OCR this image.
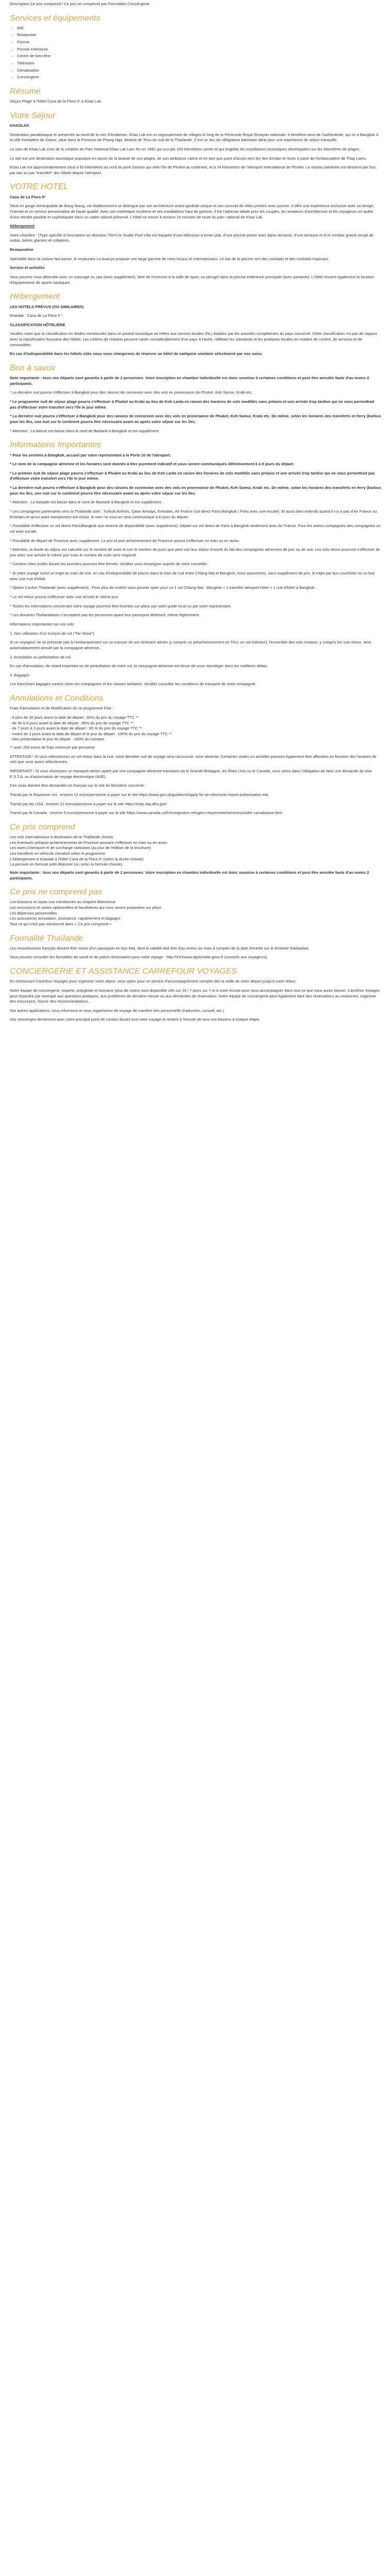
Description Ce prix comprend / Ce prix ne comprend pas Formalités Conciergerie
Services et équipements
✓ Wifi
✓ Restaurant
✓ Piscine
✓ Piscine extérieure
✓ Centre de bien-être
✓ Télévision
✓ Climatisation
✓ Conciergerie
Résumé

Séjour Plage à l'hôtel Casa de la Flora 5* à Khao Lak

Votre Séjour

KHAOLAK

Destination paradisiaque et préservée au bord de la mer d'Andaman, Khao Lak est un regroupement de villages le long de la Péninsule Royal-Sirsayan nationale. Il bénéficie ainsi de l'authenticité, qui ce à Bangkok à la ville frontalière de Satoul, situé dans la Province de Phang Nga, destiné de Tenu du sud de la Thaïlande. C'est un lieu de villégiature balnéaire idéal pour une expérience de séjour tranquille.

Le nom de Khao Lak s'est de la création du Parc National Khao Lak-Lam Ru en 1991 qui occupe 150 kilomètres carrés et qui englobe les installations touristiques développées sur les kilomètres de plages.

Le site est une destination touristique populaire en raison de la beauté de ses plages, de son ambiance calme et en tant que point d'accès vers les îles Similan et Surin à partir de l'embarcadère de Thap Lamu.

Khao Lak est approximativement situé à 60 kilomètres au nord du pont Sarasin qui relie l'île de Phuket au continent, et à 74 kilomètres de l'Aéroport International de Phuket. Le réseau balnéaire est desservi par bus, par taxi ou par "transfert" des hôtels depuis l'aéroport.

VOTRE HOTEL

Casa de La Flora 5*

Situé en gorge remarquable de Bang Niang, cet établissement se distingue par son architecture avant-gardiste unique et son concept de villas privées avec piscine. Il offre une expérience exclusive avec sa design, l'intimité et un service personnalisé de haute qualité. Avec son esthétique moderne et ses installations haut de gamme, il est l'adresse idéale pour les couples, les amateurs d'architecture et les voyageurs en quête d'une retraite paisible et sophistiquée dans un cadre naturel préservé. L'hôtel se trouve à environ 15 minutes de route du parc national de Khao Lak.

Hébergement

Votre chambre : (Type spécifié à l'inscription en direction 70m²) le Studio Pool Villa est équipée d'une télévision à écran plat, d'une piscine privée avec bains terrasse, d'une terrasse et d'un minibar gratuit rempli de sodas, bières glacées et collations.

Restauration

Spécialité dans la cuisine fais basse, le restaurant La Avanya propose une large gamme de mets locaux et internationaux. Le bar de la piscine sert des cocktails et des cocktails tropicaux.

Service et activités

Vous pourrez vous détendre avec un massage ou spa (avec supplément), faire de l'exercice à la salle de sport, ou plonger dans la piscine extérieure principale (avec parasols). L'hôtel ressent également la location d'équipements de sports nautiques.

Hébergement

LES HOTELS PRÉVUS (OU SIMILAIRES)

Khaolak : Casa de La Flora 5 *

CLASSIFICATION HÔTELIÈRE

Veuillez noter que la classification en étoiles mentionnée dans ce produit touristique se réfère aux normes locales (NL) établies par les autorités compétentes du pays concerné. Cette classification n'a pas de rapport avec la classification française des hôtels. Les critères de notation peuvent varier considérablement d'un pays à l'autre, reflétant les standards et les pratiques locales en matière de confort, de services et de commodités.

En cas d'indisponibilité dans les hôtels cités nous nous chargerons de réserver un hôtel de catégorie similaire sélectionné par nos soins.

Bon à savoir

Note importante : tous nos départs sont garantis à partir de 2 personnes. Votre inscription en chambre individuelle est donc soumise à certaines conditions et peut être annulée faute d'au moins 2 participants.

* La dernière nuit pourra s'effectuer à Bangkok pour des raisons de connexion avec des vols en provenance de Phuket, Koh Samui, Krabi etc.

* Le programme nuit de séjour plage pourra s'effectuer à Phuket ou Krabi au lieu de Koh Lanta en raison des horaires de vols modifiés sans préavis et une arrivée trop tardive qui ne vous permettrait pas d'effectuer votre transfert vers l'île le jour même.

* La dernière nuit pourra s'effectuer à Bangkok pour des raisons de connexion avec des vols en provenance de Phuket, Koh Samui, Krabi etc. De même, selon les horaires des transferts en ferry (barbus pour les îles, une nuit sur le continent pourra être nécessaire avant ou après votre séjour sur les îles.

* Attention : La baisse est basse dans le nord de Bastank à Bangkok et est supplément

Informations Importantes

* Pour les arrivées à Bangkok, accueil par votre représentant à la Porte 10 de l'aéroport.

* Le nom de la compagnie aérienne et les horaires sont donnés à titre purement indicatif et vous seront communiqués définitivement 6 à 8 jours du départ.

* Le premier nuit de séjour plage pourra s'effectuer à Phuket ou Krabi au lieu de Koh Lanta en raison des horaires de vols modifiés sans préavis et une arrivée trop tardive qui ne vous permettrait pas d'effectuer votre transfert vers l'île le jour même.

* La dernière nuit pourra s'effectuer à Bangkok pour des raisons de connexion avec des vols en provenance de Phuket, Koh Samui, Krabi etc. De même, selon les horaires des transferts en ferry (barbus pour les îles, une nuit sur le continent pourra être nécessaire avant ou après votre séjour sur les îles.

* Attention : La baisade est basse dans le nord de Bastank à Bangkok et est supplément.

* Les compagnies partenaires vers la Thaïlande sont : Turkish Airlines, Qatar Airways, Emirates, Air France (vol direct Paris-Bangkok / Paris avec une escale). Et aussi bien entendu quand il n'y a pas d'Air France ou Emirates et qu'un autre transporteur est choisi, le nom ne vous en sera communiqué à 8 jours du départ.

* Possibilité d'effectuer un vol direct Paris/Bangkok aux réserve de disponibilité (avec supplément). Départ sur vol direct de Paris à Bangkok seulement avec Air France. Pour les autres compagnies des compagnies un vol avec escale.

* Possibilité de départ de Province avec supplément. Le prix et port acheminement de Province pourra s'effectuer en train ou en avion.

* Attention, la durée du séjour est calculée sur le nombre de nuits et non le nombre de jours que peut voir leur séjour écourté du fait des compagnies aériennes de jour ou de nuit. Les vols retour pourront s'effectuer de jour avec une arrivée le même jour mais le nombre de nuits sera respecté.

* Certains sites visités durant les journées pourront être fermés. Veuillez vous renseigner auprès de votre conseiller.

* Si votre voyage inclut un trajet en train de nuit, en cas d'indisponibilité de places dans le train de nuit entre Chiang Mai et Bangkok, nous assurerons, sans supplément de prix, le trajet par bus couchette ou un bus avec une nuit d'hôtel.

* Option Confort Thaïlande (avec supplément) : Pour plus de confort vous pouvez opter pour un 1 vol Chiang Mai - Bangkok + 1 transfert aéroport-hôtel + 1 nuit d'hôtel à Bangkok.

* Le vol retour pourra s'effectuer avec une arrivée le même jour.

* Toutes les informations concernant votre voyage pourront être fournies sur place par votre guide local ou par votre représentant.

* Les douanes Thaïlandaises n'acceptent pas les personnes ayant leur passeport détérioré, même légèrement.

Informations importantes sur vos vols

1. Non utilisation d'un tronçon de vol ("No Show")

Si un voyageur ne se présente pas à l'embarquement sur un tronçon de son itinéraire aérien (y compris un préacheminement en TGV, un vol intérieur), l'ensemble des vols restants, y compris les vols retour, sera automatiquement annulé par la compagnie aérienne.

2. Annulation ou perturbation de vol

En cas d'annulation, de retard important ou de perturbation de votre vol, la compagnie aérienne est tenue de vous reprotéger dans les meilleurs délais.

3. Bagages

Les franchises bagages varient selon les compagnies et les classes tarifaires. Veuillez consulter les conditions de transport de votre compagnie.

Annulations et Conditions

Frais d'annulation et de Modification de ce programme Fixe :

- A plus de 30 jours avant la date de départ : 60% du prix du voyage TTC **
- de 30 à 8 jours avant la date de départ : 80% du prix du voyage TTC **
- de 7 jours à 3 jours avant la date de départ : 95 % du prix du voyage TTC **
- moins de 3 jours avant la date de départ et le jour du départ : 100% du prix du voyage TTC **
- Non présentation le jour du départ : 100% du montant

** avec 250 euros de frais minimum par personne

ATTENTION ! Si vous sélectionnez un vol retour dans la nuit, votre dernière nuit de voyage sera raccourcie, voire absente. Certaines visites ou activités pourront également être affectées en fonction des horaires de vols que vous aurez sélectionnés.

IMPORTANT ! Si vous choisissez un transport aérien opéré par une compagnie aérienne transitant via le Grande-Bretagne, les États-Unis ou le Canada, vous serez dans l'obligation de faire une demande de visa E.S.T.A. ou d'autorisation de voyage électronique (AVE).

Ces visas doivent être demandés en français sur le site du Ministère concerné :

Transit par le Royaume-Uni : environ 12 euros/personne à payer sur le site https://www.gov.uk/guidance/apply-for-an-electronic-travel-authorisation-eta

Transit par les USA : environ 21 euros/personne à payer sur le site https://esta.cbp.dhs.gov/

Transit par le Canada : environ 5 euros/personne à payer sur le site https://www.canada.ca/fr/immigration-refugies-citoyennete/services/visiter-canada/ave.html

Ce prix comprend
Les vols internationaux à destination de la Thaïlande choisis
Les éventuels pré/post acheminements de Province pouvant s'effectuer en train ou en avion
Les taxes d'aéroport et de surcharge carburant (au jour de l'édition de la brochure)
Les transferts en véhicule climatisé selon le programme
L'hébergement à Khaolak à l'hôtel Casa de la Flora 5* (selon la durée choisie)
La pension en formule petit-déjeuner (ou selon la formule choisie)

Note importante : tous nos départs sont garantis à partir de 2 personnes. Votre inscription en chambre individuelle est donc soumise à certaines conditions et peut être annulée faute d'au moins 2 participants.

Ce prix ne comprend pas
Les boissons et repas non mentionnés au chapitre Bienvenue
Les excursions et visites optionnelles et facultatives qui vous seront proposées sur place
Les dépenses personnelles
Les assurances annulation, assistance, rapatriement et bagages
Tout ce qui n'est pas mentionné dans « Ce prix comprend »
Formalité Thaïlande

Les ressortissants français doivent être munis d'un passeport en bon état, dont la validité doit être d'au moins six mois à compter de la date d'entrée sur le territoire thaïlandais.

Vous pouvez consulter les formalités de santé et de police nécessaires pour votre voyage : http://XXXwww.diplomatie.gouv.fr (conseils aux voyageurs)

CONCIERGERIE ET ASSISTANCE CARREFOUR VOYAGES

En choisissant Carrefour Voyages pour organiser votre séjour, vous optez pour un service d'accompagnement complet dès la veille de votre départ jusqu'à votre retour.

Notre équipe de conciergerie, experte, polyglotte et humaine (plus de notes) sont disponible 24h sur 24 / 7 jours sur 7 et à votre écoute pour vous accompagner dans tout ce que vous aurez besoin. Carrefour Voyages peut répondre par exemple aux questions pratiques, aux problèmes de dernière minute ou aux demandes de réservation. Notre équipe de conciergerie peut également faire des réservations au restaurant, organiser des excursions, fournir des recommandations...

Vos autres applications, vous informons et vous organiserez de voyage de manière très personnelle (traduction, conseil, etc.)

Vos concierges demeurent avec votre principal point de contact durant tout votre voyage et restent à l'écoute de tous vos besoins à chaque étape.
